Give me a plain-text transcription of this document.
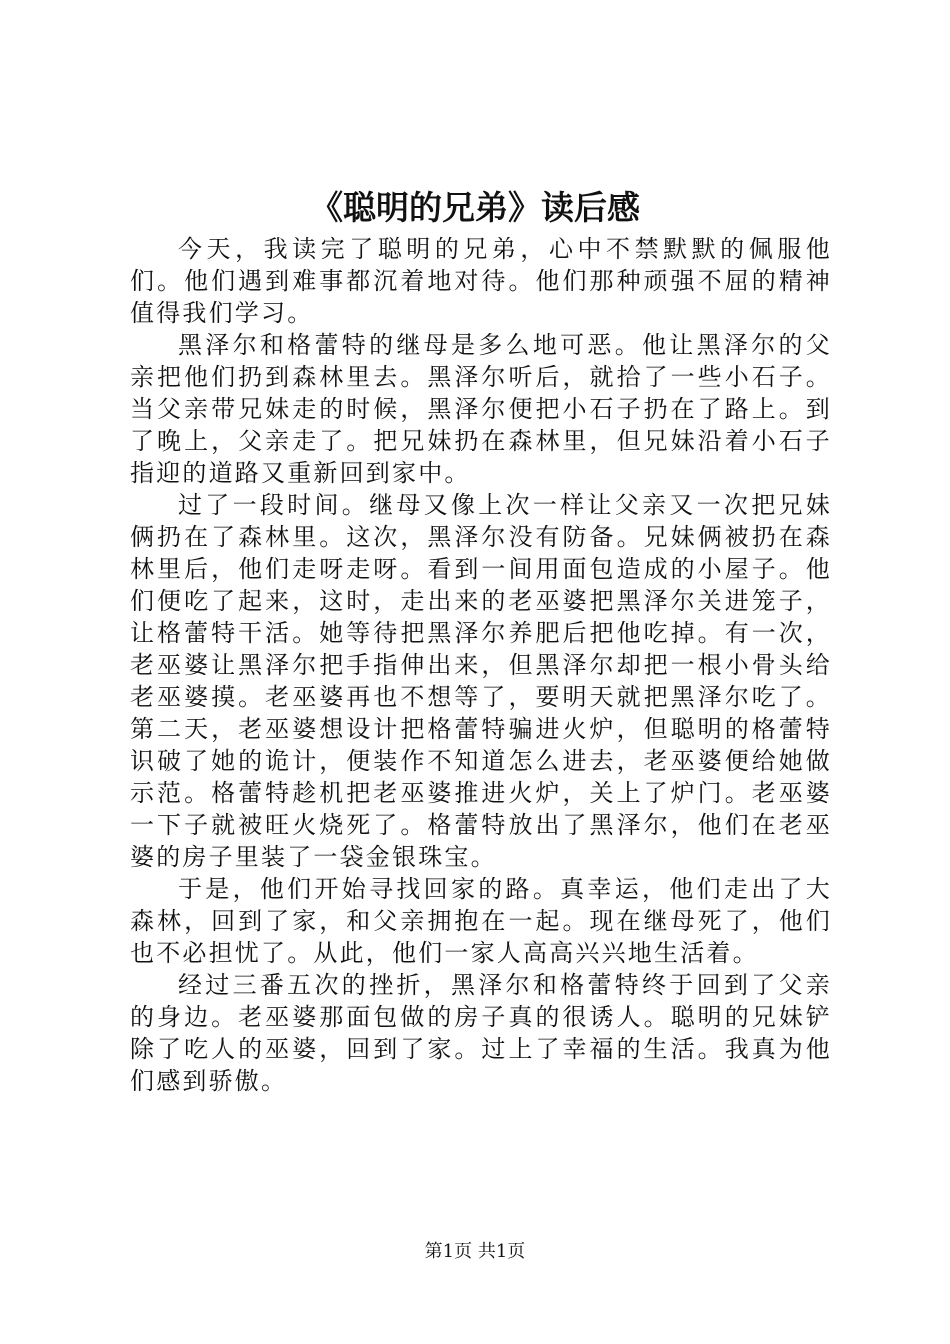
《聪明的兄弟》读后感

今天，我读完了聪明的兄弟，心中不禁默默的佩服他们。他们遇到难事都沉着地对待。他们那种顽强不屈的精神值得我们学习。

黑泽尔和格蕾特的继母是多么地可恶。他让黑泽尔的父亲把他们扔到森林里去。黑泽尔听后，就拾了一些小石子。当父亲带兄妹走的时候，黑泽尔便把小石子扔在了路上。到了晚上，父亲走了。把兄妹扔在森林里，但兄妹沿着小石子指迎的道路又重新回到家中。

过了一段时间。继母又像上次一样让父亲又一次把兄妹俩扔在了森林里。这次，黑泽尔没有防备。兄妹俩被扔在森林里后，他们走呀走呀。看到一间用面包造成的小屋子。他们便吃了起来，这时，走出来的老巫婆把黑泽尔关进笼子，让格蕾特干活。她等待把黑泽尔养肥后把他吃掉。有一次，老巫婆让黑泽尔把手指伸出来，但黑泽尔却把一根小骨头给老巫婆摸。老巫婆再也不想等了，要明天就把黑泽尔吃了。第二天，老巫婆想设计把格蕾特骗进火炉，但聪明的格蕾特识破了她的诡计，便装作不知道怎么进去，老巫婆便给她做示范。格蕾特趁机把老巫婆推进火炉，关上了炉门。老巫婆一下子就被旺火烧死了。格蕾特放出了黑泽尔，他们在老巫婆的房子里装了一袋金银珠宝。

于是，他们开始寻找回家的路。真幸运，他们走出了大森林，回到了家，和父亲拥抱在一起。现在继母死了，他们也不必担忧了。从此，他们一家人高高兴兴地生活着。

经过三番五次的挫折，黑泽尔和格蕾特终于回到了父亲的身边。老巫婆那面包做的房子真的很诱人。聪明的兄妹铲除了吃人的巫婆，回到了家。过上了幸福的生活。我真为他们感到骄傲。

第1页 共1页
